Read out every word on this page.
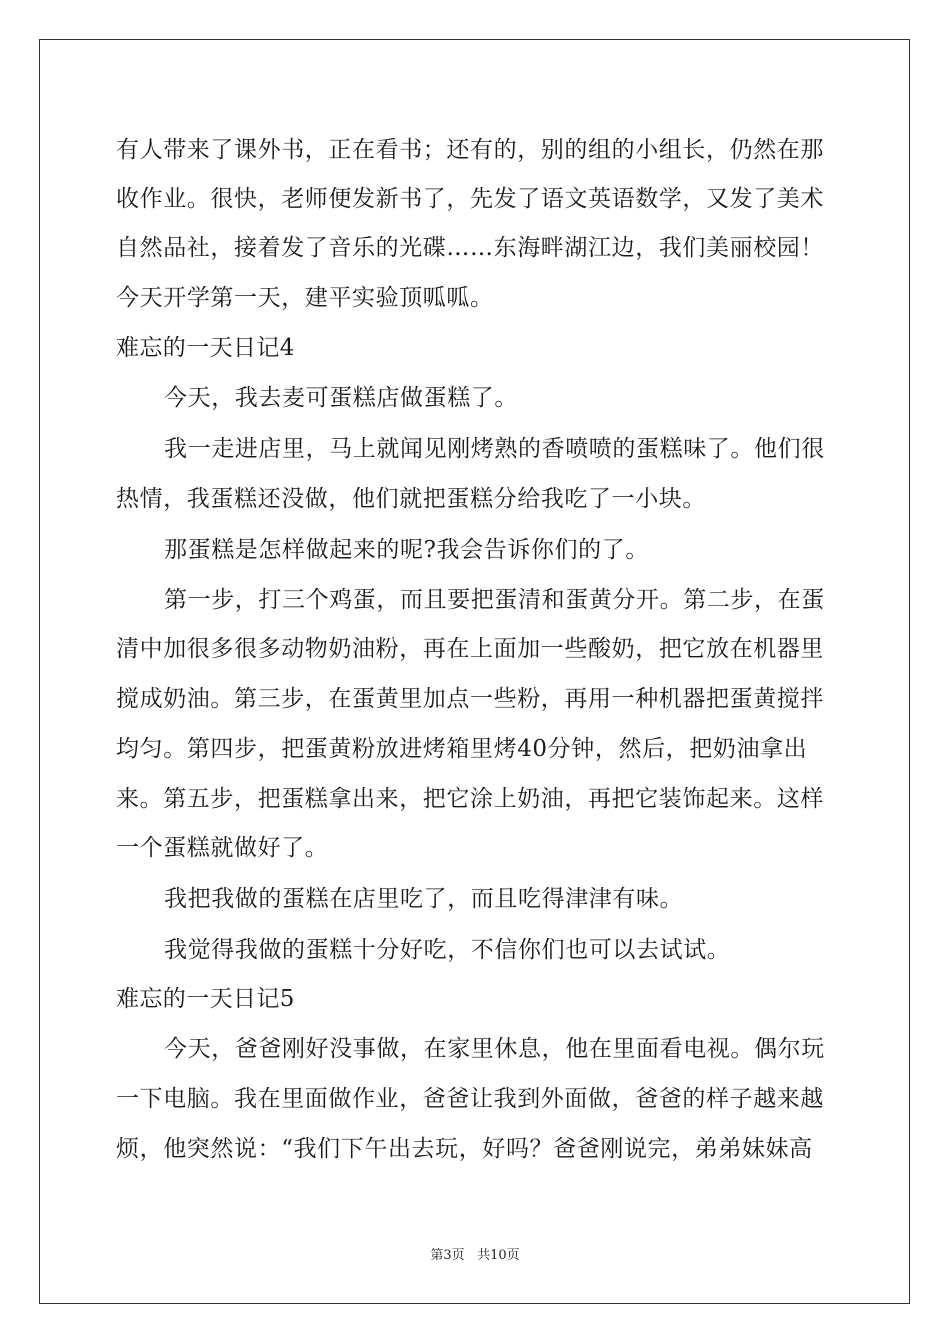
有人带来了课外书，正在看书；还有的，别的组的小组长，仍然在那
收作业。很快，老师便发新书了，先发了语文英语数学，又发了美术
自然品社，接着发了音乐的光碟……东海畔湖江边，我们美丽校园！
今天开学第一天，建平实验顶呱呱。
难忘的一天日记4
今天，我去麦可蛋糕店做蛋糕了。
我一走进店里，马上就闻见刚烤熟的香喷喷的蛋糕味了。他们很
热情，我蛋糕还没做，他们就把蛋糕分给我吃了一小块。
那蛋糕是怎样做起来的呢?我会告诉你们的了。
第一步，打三个鸡蛋，而且要把蛋清和蛋黄分开。第二步，在蛋
清中加很多很多动物奶油粉，再在上面加一些酸奶，把它放在机器里
搅成奶油。第三步，在蛋黄里加点一些粉，再用一种机器把蛋黄搅拌
均匀。第四步，把蛋黄粉放进烤箱里烤40分钟，然后，把奶油拿出
来。第五步，把蛋糕拿出来，把它涂上奶油，再把它装饰起来。这样
一个蛋糕就做好了。
我把我做的蛋糕在店里吃了，而且吃得津津有味。
我觉得我做的蛋糕十分好吃，不信你们也可以去试试。
难忘的一天日记5
今天，爸爸刚好没事做，在家里休息，他在里面看电视。偶尔玩
一下电脑。我在里面做作业，爸爸让我到外面做，爸爸的样子越来越
烦，他突然说：“我们下午出去玩，好吗？爸爸刚说完，弟弟妹妹高
第3页 共10页
